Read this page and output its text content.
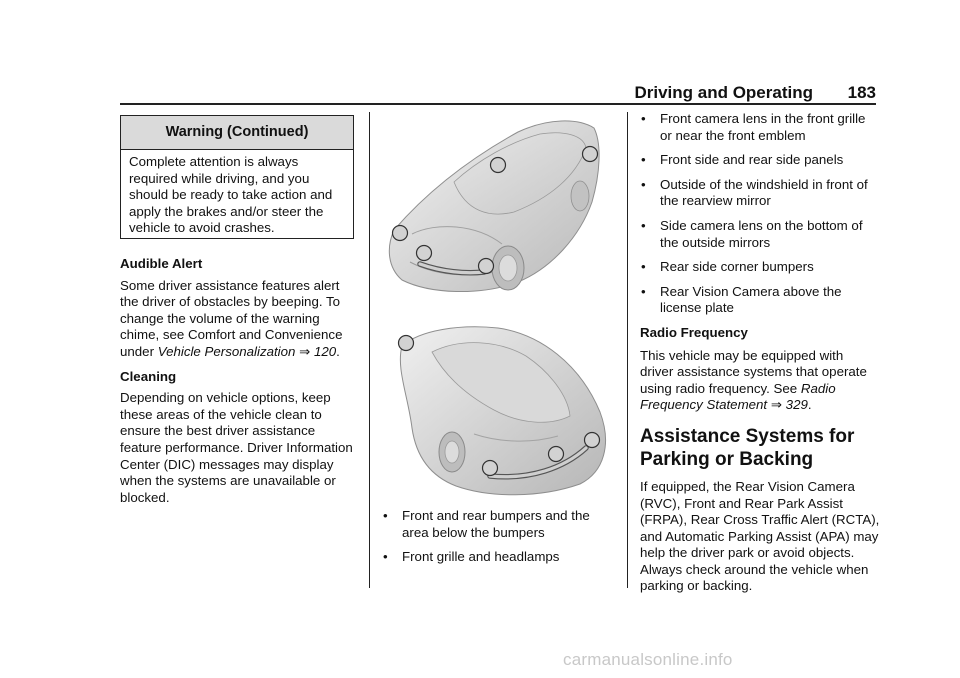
Driving and Operating 183
Warning (Continued)
Complete attention is always required while driving, and you should be ready to take action and apply the brakes and/or steer the vehicle to avoid crashes.
Audible Alert

Some driver assistance features alert the driver of obstacles by beeping. To change the volume of the warning chime, see Comfort and Convenience under Vehicle Personalization ⇒ 120.

Cleaning

Depending on vehicle options, keep these areas of the vehicle clean to ensure the best driver assistance feature performance. Driver Information Center (DIC) messages may display when the systems are unavailable or blocked.

• Front and rear bumpers and the area below the bumpers
• Front grille and headlamps
• Front camera lens in the front grille or near the front emblem
• Front side and rear side panels
• Outside of the windshield in front of the rearview mirror
• Side camera lens on the bottom of the outside mirrors
• Rear side corner bumpers
• Rear Vision Camera above the license plate
Radio Frequency

This vehicle may be equipped with driver assistance systems that operate using radio frequency. See Radio Frequency Statement ⇒ 329.

Assistance Systems for Parking or Backing

If equipped, the Rear Vision Camera (RVC), Front and Rear Park Assist (FRPA), Rear Cross Traffic Alert (RCTA), and Automatic Parking Assist (APA) may help the driver park or avoid objects. Always check around the vehicle when parking or backing.

carmanualsonline.info
